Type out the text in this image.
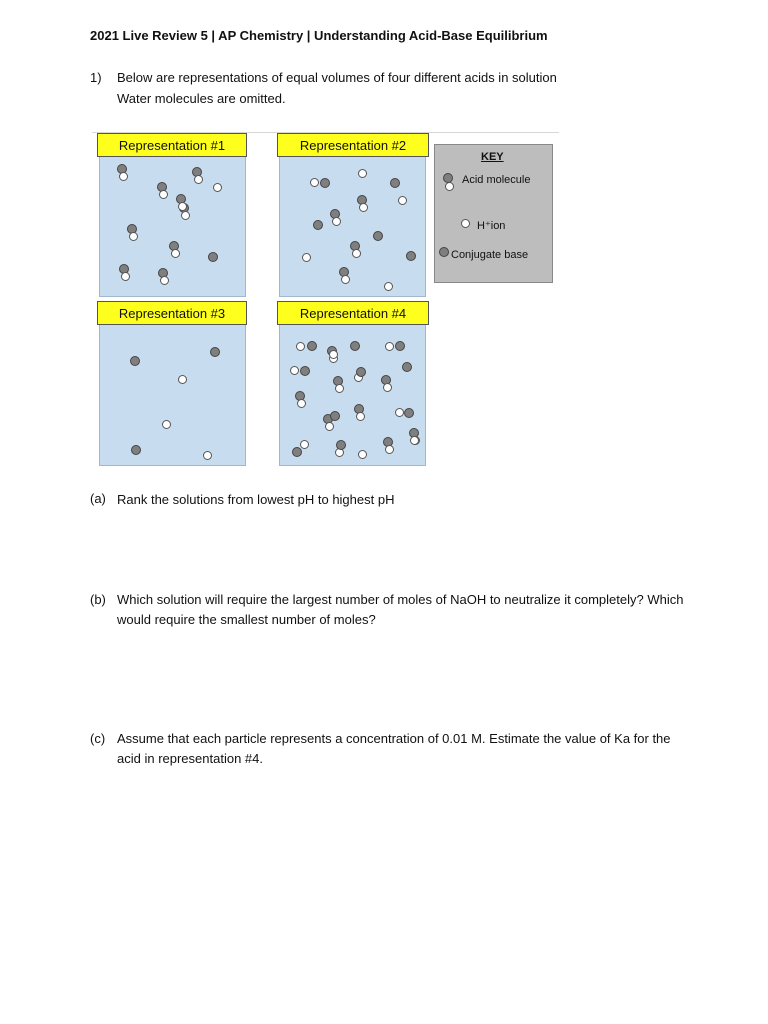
2021 Live Review 5 | AP Chemistry | Understanding Acid-Base Equilibrium
1) Below are representations of equal volumes of four different acids in solution
Water molecules are omitted.
Representation #1	Representation #2
Representation #3	Representation #4
KEY
Acid molecule
H⁺ion
Conjugate base
(a) Rank the solutions from lowest pH to highest pH
(b) Which solution will require the largest number of moles of NaOH to neutralize it completely? Which would require the smallest number of moles?
(c) Assume that each particle represents a concentration of 0.01 M. Estimate the value of Ka for the acid in representation #4.
